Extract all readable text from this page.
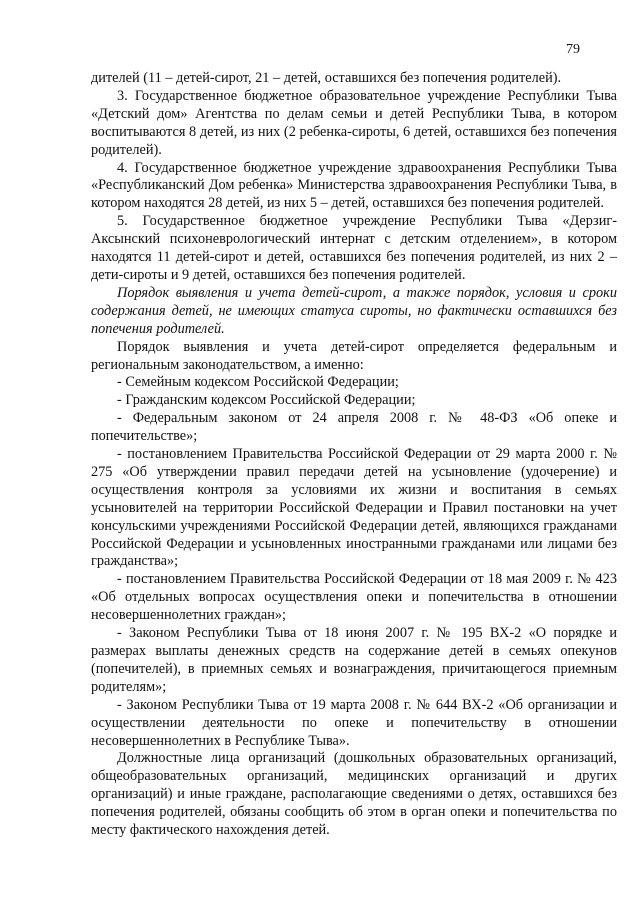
79

дителей (11 – детей-сирот, 21 – детей, оставшихся без попечения родителей).

3. Государственное бюджетное образовательное учреждение Республики Тыва «Детский дом» Агентства по делам семьи и детей Республики Тыва, в котором воспитываются 8 детей, из них (2 ребенка-сироты, 6 детей, оставшихся без попечения родителей).

4. Государственное бюджетное учреждение здравоохранения Республики Тыва «Республиканский Дом ребенка» Министерства здравоохранения Республики Тыва, в котором находятся 28 детей, из них 5 – детей, оставшихся без попечения родителей.

5. Государственное бюджетное учреждение Республики Тыва «Дерзиг-Аксынский психоневрологический интернат с детским отделением», в котором находятся 11 детей-сирот и детей, оставшихся без попечения родителей, из них 2 – дети-сироты и 9 детей, оставшихся без попечения родителей.

Порядок выявления и учета детей-сирот, а также порядок, условия и сроки содержания детей, не имеющих статуса сироты, но фактически оставшихся без попечения родителей.

Порядок выявления и учета детей-сирот определяется федеральным и региональным законодательством, а именно:

- Семейным кодексом Российской Федерации;

- Гражданским кодексом Российской Федерации;

- Федеральным законом от 24 апреля 2008 г. № 48-ФЗ «Об опеке и попечительстве»;

- постановлением Правительства Российской Федерации от 29 марта 2000 г. № 275 «Об утверждении правил передачи детей на усыновление (удочерение) и осуществления контроля за условиями их жизни и воспитания в семьях усыновителей на территории Российской Федерации и Правил постановки на учет консульскими учреждениями Российской Федерации детей, являющихся гражданами Российской Федерации и усыновленных иностранными гражданами или лицами без гражданства»;

- постановлением Правительства Российской Федерации от 18 мая 2009 г. № 423 «Об отдельных вопросах осуществления опеки и попечительства в отношении несовершеннолетних граждан»;

- Законом Республики Тыва от 18 июня 2007 г. № 195 ВХ-2 «О порядке и размерах выплаты денежных средств на содержание детей в семьях опекунов (попечителей), в приемных семьях и вознаграждения, причитающегося приемным родителям»;

- Законом Республики Тыва от 19 марта 2008 г. № 644 ВХ-2 «Об организации и осуществлении деятельности по опеке и попечительству в отношении несовершеннолетних в Республике Тыва».

Должностные лица организаций (дошкольных образовательных организаций, общеобразовательных организаций, медицинских организаций и других организаций) и иные граждане, располагающие сведениями о детях, оставшихся без попечения родителей, обязаны сообщить об этом в орган опеки и попечительства по месту фактического нахождения детей.
